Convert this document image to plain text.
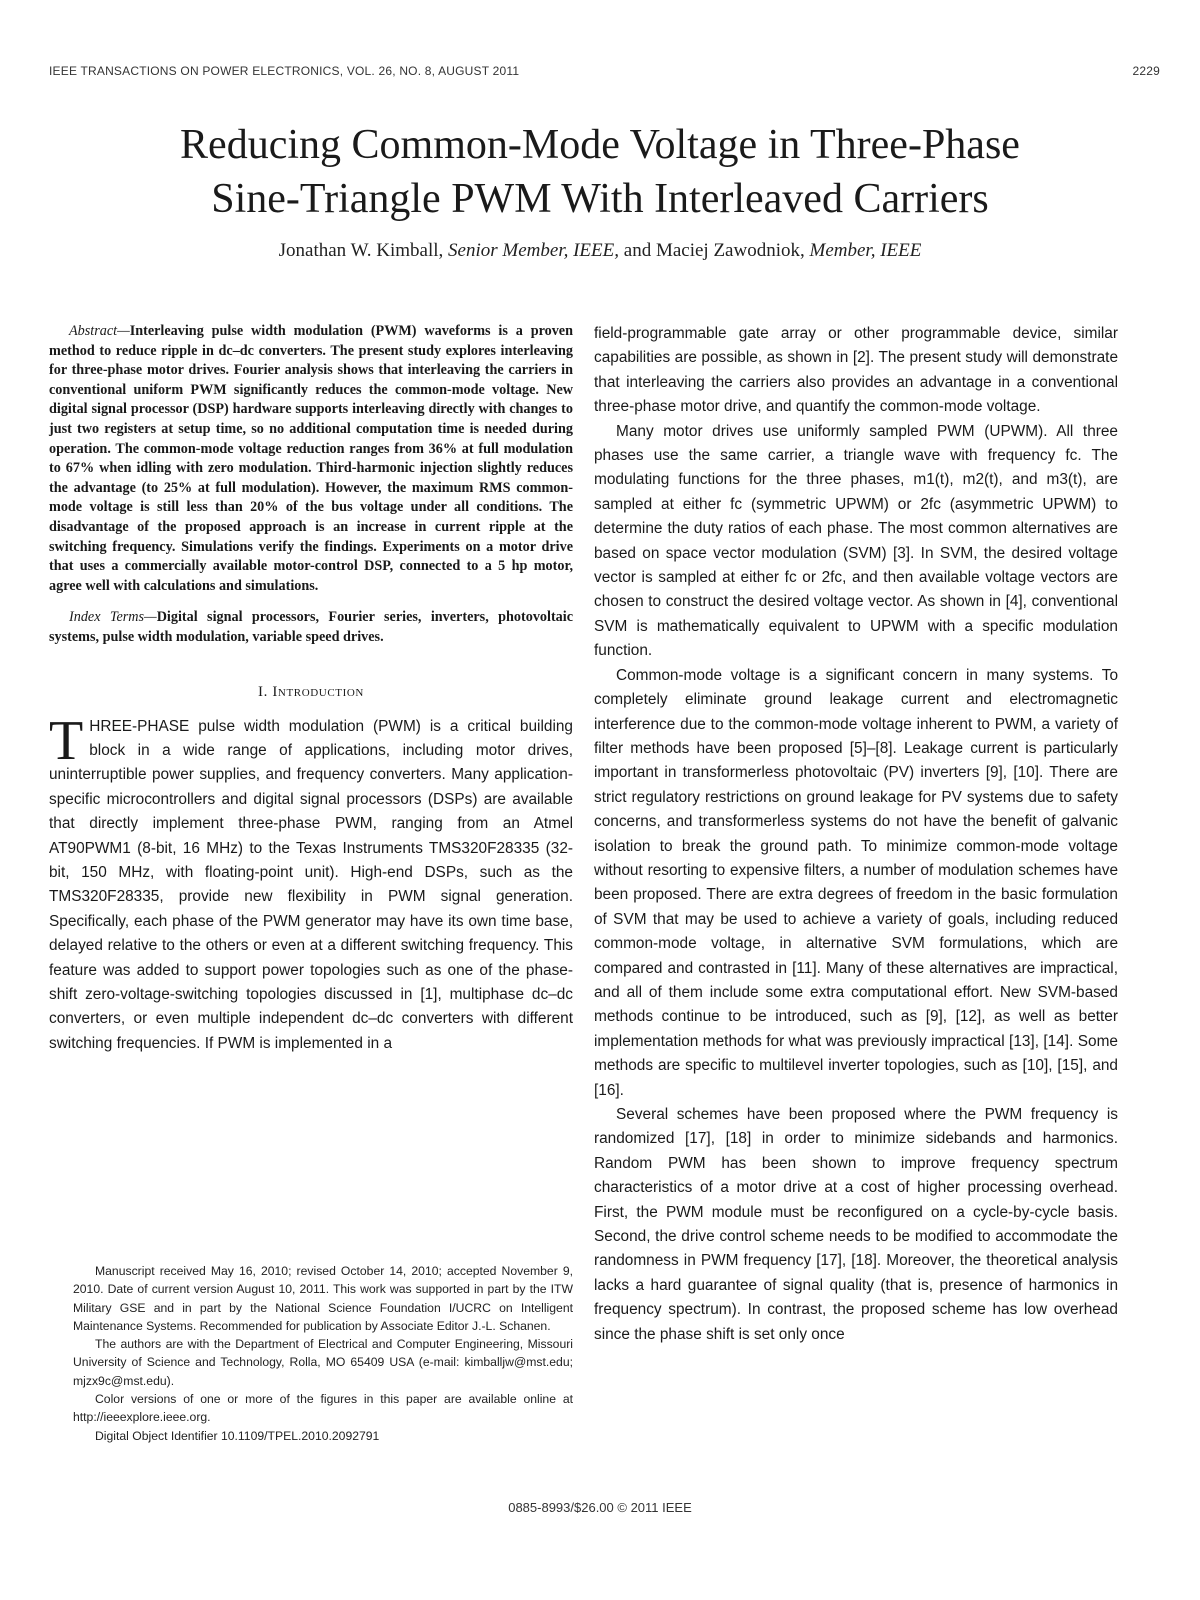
IEEE TRANSACTIONS ON POWER ELECTRONICS, VOL. 26, NO. 8, AUGUST 2011	2229
Reducing Common-Mode Voltage in Three-Phase
Sine-Triangle PWM With Interleaved Carriers
Jonathan W. Kimball, Senior Member, IEEE, and Maciej Zawodniok, Member, IEEE

Abstract—Interleaving pulse width modulation (PWM) waveforms is a proven method to reduce ripple in dc–dc converters. The present study explores interleaving for three-phase motor drives. Fourier analysis shows that interleaving the carriers in conventional uniform PWM significantly reduces the common-mode voltage. New digital signal processor (DSP) hardware supports interleaving directly with changes to just two registers at setup time, so no additional computation time is needed during operation. The common-mode voltage reduction ranges from 36% at full modulation to 67% when idling with zero modulation. Third-harmonic injection slightly reduces the advantage (to 25% at full modulation). However, the maximum RMS common-mode voltage is still less than 20% of the bus voltage under all conditions. The disadvantage of the proposed approach is an increase in current ripple at the switching frequency. Simulations verify the findings. Experiments on a motor drive that uses a commercially available motor-control DSP, connected to a 5 hp motor, agree well with calculations and simulations.

Index Terms—Digital signal processors, Fourier series, inverters, photovoltaic systems, pulse width modulation, variable speed drives.

I. Introduction

THREE-PHASE pulse width modulation (PWM) is a critical building block in a wide range of applications, including motor drives, uninterruptible power supplies, and frequency converters. Many application-specific microcontrollers and digital signal processors (DSPs) are available that directly implement three-phase PWM, ranging from an Atmel AT90PWM1 (8-bit, 16 MHz) to the Texas Instruments TMS320F28335 (32-bit, 150 MHz, with floating-point unit). High-end DSPs, such as the TMS320F28335, provide new flexibility in PWM signal generation. Specifically, each phase of the PWM generator may have its own time base, delayed relative to the others or even at a different switching frequency. This feature was added to support power topologies such as one of the phase-shift zero-voltage-switching topologies discussed in [1], multiphase dc–dc converters, or even multiple independent dc–dc converters with different switching frequencies. If PWM is implemented in a

Manuscript received May 16, 2010; revised October 14, 2010; accepted November 9, 2010. Date of current version August 10, 2011. This work was supported in part by the ITW Military GSE and in part by the National Science Foundation I/UCRC on Intelligent Maintenance Systems. Recommended for publication by Associate Editor J.-L. Schanen.

The authors are with the Department of Electrical and Computer Engineering, Missouri University of Science and Technology, Rolla, MO 65409 USA (e-mail: kimballjw@mst.edu; mjzx9c@mst.edu).

Color versions of one or more of the figures in this paper are available online at http://ieeexplore.ieee.org.

Digital Object Identifier 10.1109/TPEL.2010.2092791

field-programmable gate array or other programmable device, similar capabilities are possible, as shown in [2]. The present study will demonstrate that interleaving the carriers also provides an advantage in a conventional three-phase motor drive, and quantify the common-mode voltage.

Many motor drives use uniformly sampled PWM (UPWM). All three phases use the same carrier, a triangle wave with frequency fc. The modulating functions for the three phases, m1(t), m2(t), and m3(t), are sampled at either fc (symmetric UPWM) or 2fc (asymmetric UPWM) to determine the duty ratios of each phase. The most common alternatives are based on space vector modulation (SVM) [3]. In SVM, the desired voltage vector is sampled at either fc or 2fc, and then available voltage vectors are chosen to construct the desired voltage vector. As shown in [4], conventional SVM is mathematically equivalent to UPWM with a specific modulation function.

Common-mode voltage is a significant concern in many systems. To completely eliminate ground leakage current and electromagnetic interference due to the common-mode voltage inherent to PWM, a variety of filter methods have been proposed [5]–[8]. Leakage current is particularly important in transformerless photovoltaic (PV) inverters [9], [10]. There are strict regulatory restrictions on ground leakage for PV systems due to safety concerns, and transformerless systems do not have the benefit of galvanic isolation to break the ground path. To minimize common-mode voltage without resorting to expensive filters, a number of modulation schemes have been proposed. There are extra degrees of freedom in the basic formulation of SVM that may be used to achieve a variety of goals, including reduced common-mode voltage, in alternative SVM formulations, which are compared and contrasted in [11]. Many of these alternatives are impractical, and all of them include some extra computational effort. New SVM-based methods continue to be introduced, such as [9], [12], as well as better implementation methods for what was previously impractical [13], [14]. Some methods are specific to multilevel inverter topologies, such as [10], [15], and [16].

Several schemes have been proposed where the PWM frequency is randomized [17], [18] in order to minimize sidebands and harmonics. Random PWM has been shown to improve frequency spectrum characteristics of a motor drive at a cost of higher processing overhead. First, the PWM module must be reconfigured on a cycle-by-cycle basis. Second, the drive control scheme needs to be modified to accommodate the randomness in PWM frequency [17], [18]. Moreover, the theoretical analysis lacks a hard guarantee of signal quality (that is, presence of harmonics in frequency spectrum). In contrast, the proposed scheme has low overhead since the phase shift is set only once

0885-8993/$26.00 © 2011 IEEE
